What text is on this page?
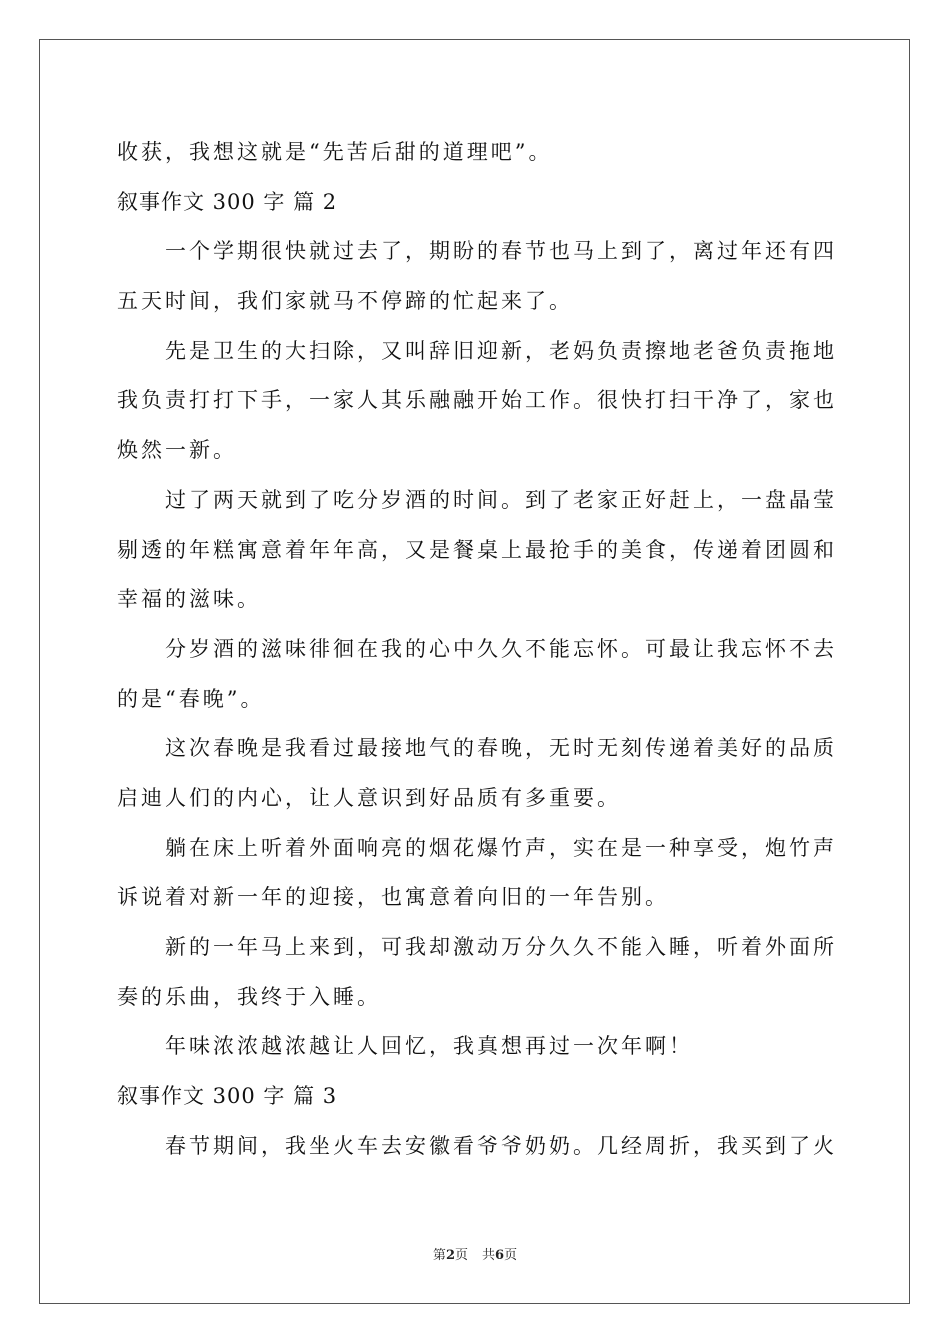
收获，我想这就是“先苦后甜的道理吧”。
叙事作文 300 字 篇 2
一个学期很快就过去了，期盼的春节也马上到了，离过年还有四
五天时间，我们家就马不停蹄的忙起来了。
先是卫生的大扫除，又叫辞旧迎新，老妈负责擦地老爸负责拖地
我负责打打下手，一家人其乐融融开始工作。很快打扫干净了，家也
焕然一新。
过了两天就到了吃分岁酒的时间。到了老家正好赶上，一盘晶莹
剔透的年糕寓意着年年高，又是餐桌上最抢手的美食，传递着团圆和
幸福的滋味。
分岁酒的滋味徘徊在我的心中久久不能忘怀。可最让我忘怀不去
的是“春晚”。
这次春晚是我看过最接地气的春晚，无时无刻传递着美好的品质
启迪人们的内心，让人意识到好品质有多重要。
躺在床上听着外面响亮的烟花爆竹声，实在是一种享受，炮竹声
诉说着对新一年的迎接，也寓意着向旧的一年告别。
新的一年马上来到，可我却激动万分久久不能入睡，听着外面所
奏的乐曲，我终于入睡。
年味浓浓越浓越让人回忆，我真想再过一次年啊！
叙事作文 300 字 篇 3
春节期间，我坐火车去安徽看爷爷奶奶。几经周折，我买到了火
第2页 共6页
